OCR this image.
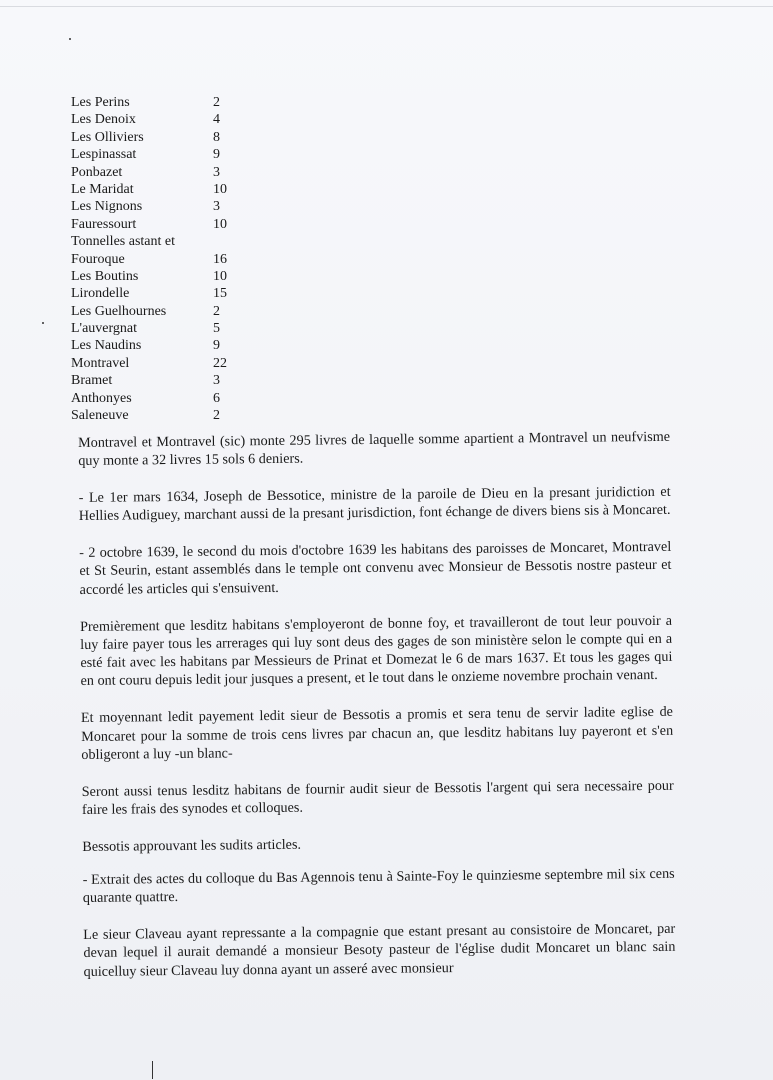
Les Perins	2
Les Denoix	4
Les Olliviers	8
Lespinassat	9
Ponbazet	3
Le Maridat	10
Les Nignons	3
Fauressourt	10
Tonnelles astant et
Fouroque	16
Les Boutins	10
Lirondelle	15
Les Guelhournes	2
L'auvergnat	5
Les Naudins	9
Montravel	22
Bramet	3
Anthonyes	6
Saleneuve	2

Montravel et Montravel (sic) monte 295 livres de laquelle somme apartient a Montravel un neufvisme quy monte a 32 livres 15 sols 6 deniers.

- Le 1er mars 1634, Joseph de Bessotice, ministre de la paroile de Dieu en la presant juridiction et Hellies Audiguey, marchant aussi de la presant jurisdiction, font échange de divers biens sis à Moncaret.

- 2 octobre 1639, le second du mois d'octobre 1639 les habitans des paroisses de Moncaret, Montravel et St Seurin, estant assemblés dans le temple ont convenu avec Monsieur de Bessotis nostre pasteur et accordé les articles qui s'ensuivent.

Premièrement que lesditz habitans s'employeront de bonne foy, et travailleront de tout leur pouvoir a luy faire payer tous les arrerages qui luy sont deus des gages de son ministère selon le compte qui en a esté fait avec les habitans par Messieurs de Prinat et Domezat le 6 de mars 1637. Et tous les gages qui en ont couru depuis ledit jour jusques a present, et le tout dans le onzieme novembre prochain venant.

Et moyennant ledit payement ledit sieur de Bessotis a promis et sera tenu de servir ladite eglise de Moncaret pour la somme de trois cens livres par chacun an, que lesditz habitans luy payeront et s'en obligeront a luy -un blanc-

Seront aussi tenus lesditz habitans de fournir audit sieur de Bessotis l'argent qui sera necessaire pour faire les frais des synodes et colloques.

Bessotis approuvant les sudits articles.

- Extrait des actes du colloque du Bas Agennois tenu à Sainte-Foy le quinziesme septembre mil six cens quarante quattre.

Le sieur Claveau ayant repressante a la compagnie que estant presant au consistoire de Moncaret, par devan lequel il aurait demandé a monsieur Besoty pasteur de l'église dudit Moncaret un blanc sain quicelluy sieur Claveau luy donna ayant un asseré avec monsieur
